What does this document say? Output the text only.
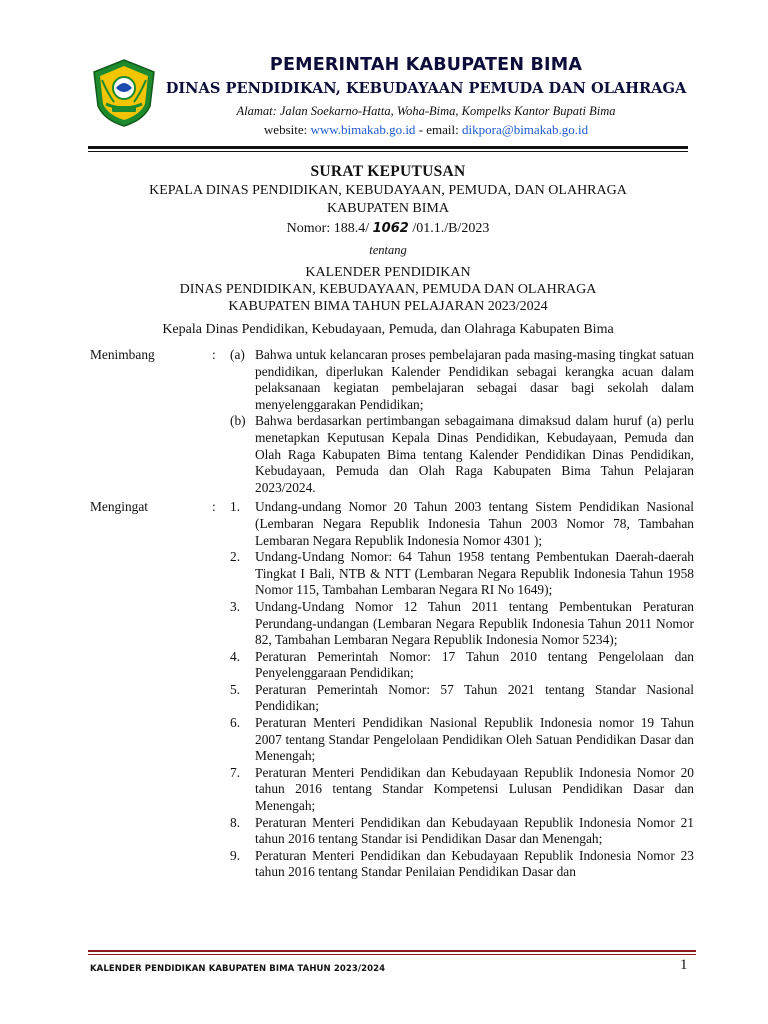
PEMERINTAH KABUPATEN BIMA
DINAS PENDIDIKAN, KEBUDAYAAN PEMUDA DAN OLAHRAGA
Alamat: Jalan Soekarno-Hatta, Woha-Bima, Kompelks Kantor Bupati Bima
website: www.bimakab.go.id - email: dikpora@bimakab.go.id
SURAT KEPUTUSAN
KEPALA DINAS PENDIDIKAN, KEBUDAYAAN, PEMUDA, DAN OLAHRAGA
KABUPATEN BIMA
Nomor: 188.4/ 1062 /01.1./B/2023
tentang
KALENDER PENDIDIKAN
DINAS PENDIDIKAN, KEBUDAYAAN, PEMUDA DAN OLAHRAGA
KABUPATEN BIMA TAHUN PELAJARAN 2023/2024
Kepala Dinas Pendidikan, Kebudayaan, Pemuda, dan Olahraga Kabupaten Bima
Menimbang	:	(a) Bahwa untuk kelancaran proses pembelajaran pada masing-masing tingkat satuan pendidikan, diperlukan Kalender Pendidikan sebagai kerangka acuan dalam pelaksanaan kegiatan pembelajaran sebagai dasar bagi sekolah dalam menyelenggarakan Pendidikan;
(b) Bahwa berdasarkan pertimbangan sebagaimana dimaksud dalam huruf (a) perlu menetapkan Keputusan Kepala Dinas Pendidikan, Kebudayaan, Pemuda dan Olah Raga Kabupaten Bima tentang Kalender Pendidikan Dinas Pendidikan, Kebudayaan, Pemuda dan Olah Raga Kabupaten Bima Tahun Pelajaran 2023/2024.
Mengingat	:	1.	Undang-undang Nomor 20 Tahun 2003 tentang Sistem Pendidikan Nasional (Lembaran Negara Republik Indonesia Tahun 2003 Nomor 78, Tambahan Lembaran Negara Republik Indonesia Nomor 4301 );
2.	Undang-Undang Nomor: 64 Tahun 1958 tentang Pembentukan Daerah-daerah Tingkat I Bali, NTB & NTT (Lembaran Negara Republik Indonesia Tahun 1958 Nomor 115, Tambahan Lembaran Negara RI No 1649);
3.	Undang-Undang Nomor 12 Tahun 2011 tentang Pembentukan Peraturan Perundang-undangan (Lembaran Negara Republik Indonesia Tahun 2011 Nomor 82, Tambahan Lembaran Negara Republik Indonesia Nomor 5234);
4.	Peraturan Pemerintah Nomor: 17 Tahun 2010 tentang Pengelolaan dan Penyelenggaraan Pendidikan;
5.	Peraturan Pemerintah Nomor: 57 Tahun 2021 tentang Standar Nasional Pendidikan;
6.	Peraturan Menteri Pendidikan Nasional Republik Indonesia nomor 19 Tahun 2007 tentang Standar Pengelolaan Pendidikan Oleh Satuan Pendidikan Dasar dan Menengah;
7.	Peraturan Menteri Pendidikan dan Kebudayaan Republik Indonesia Nomor 20 tahun 2016 tentang Standar Kompetensi Lulusan Pendidikan Dasar dan Menengah;
8.	Peraturan Menteri Pendidikan dan Kebudayaan Republik Indonesia Nomor 21 tahun 2016 tentang Standar isi Pendidikan Dasar dan Menengah;
9.	Peraturan Menteri Pendidikan dan Kebudayaan Republik Indonesia Nomor 23 tahun 2016 tentang Standar Penilaian Pendidikan Dasar dan
KALENDER PENDIDIKAN KABUPATEN BIMA TAHUN 2023/2024	1
